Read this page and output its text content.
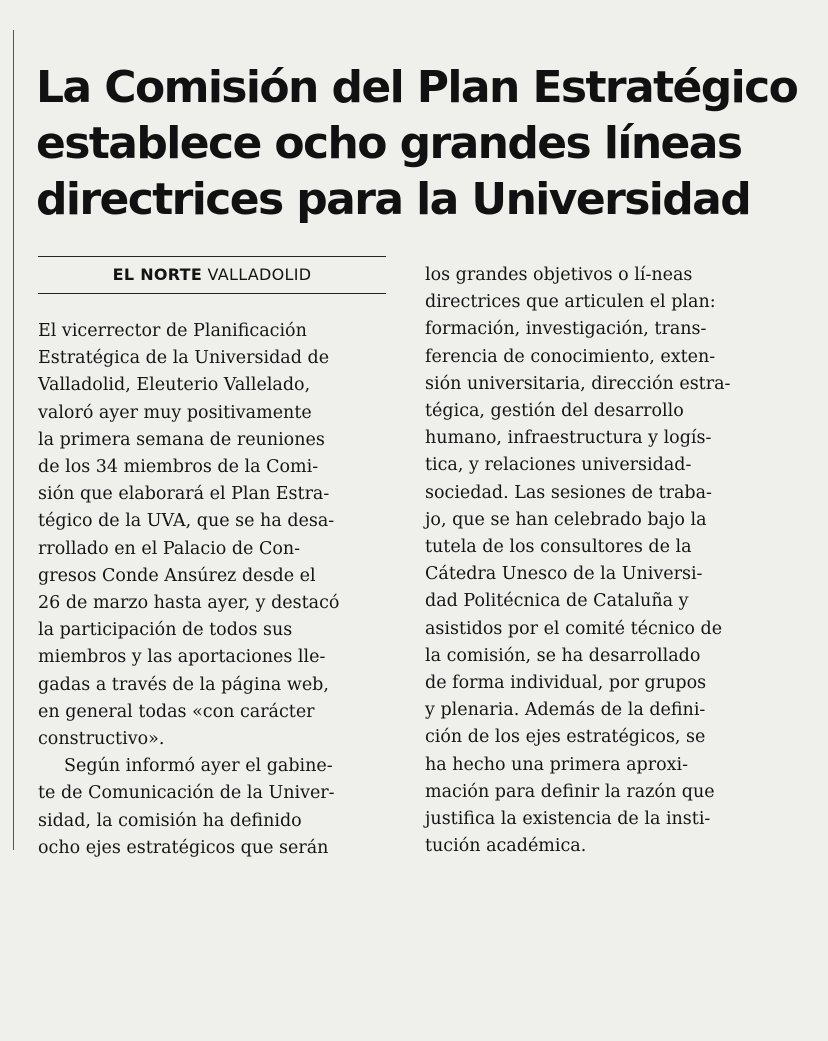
La Comisión del Plan Estratégico
establece ocho grandes líneas
directrices para la Universidad
EL NORTE VALLADOLID

El vicerrector de Planificación
Estratégica de la Universidad de
Valladolid, Eleuterio Vallelado,
valoró ayer muy positivamente
la primera semana de reuniones
de los 34 miembros de la Comi-
sión que elaborará el Plan Estra-
tégico de la UVA, que se ha desa-
rrollado en el Palacio de Con-
gresos Conde Ansúrez desde el
26 de marzo hasta ayer, y destacó
la participación de todos sus
miembros y las aportaciones lle-
gadas a través de la página web,
en general todas «con carácter
constructivo».

Según informó ayer el gabine-
te de Comunicación de la Univer-
sidad, la comisión ha definido
ocho ejes estratégicos que serán

los grandes objetivos o lí-neas
directrices que articulen el plan:
formación, investigación, trans-
ferencia de conocimiento, exten-
sión universitaria, dirección estra-
tégica, gestión del desarrollo
humano, infraestructura y logís-
tica, y relaciones universidad-
sociedad. Las sesiones de traba-
jo, que se han celebrado bajo la
tutela de los consultores de la
Cátedra Unesco de la Universi-
dad Politécnica de Cataluña y
asistidos por el comité técnico de
la comisión, se ha desarrollado
de forma individual, por grupos
y plenaria. Además de la defini-
ción de los ejes estratégicos, se
ha hecho una primera aproxi-
mación para definir la razón que
justifica la existencia de la insti-
tución académica.
